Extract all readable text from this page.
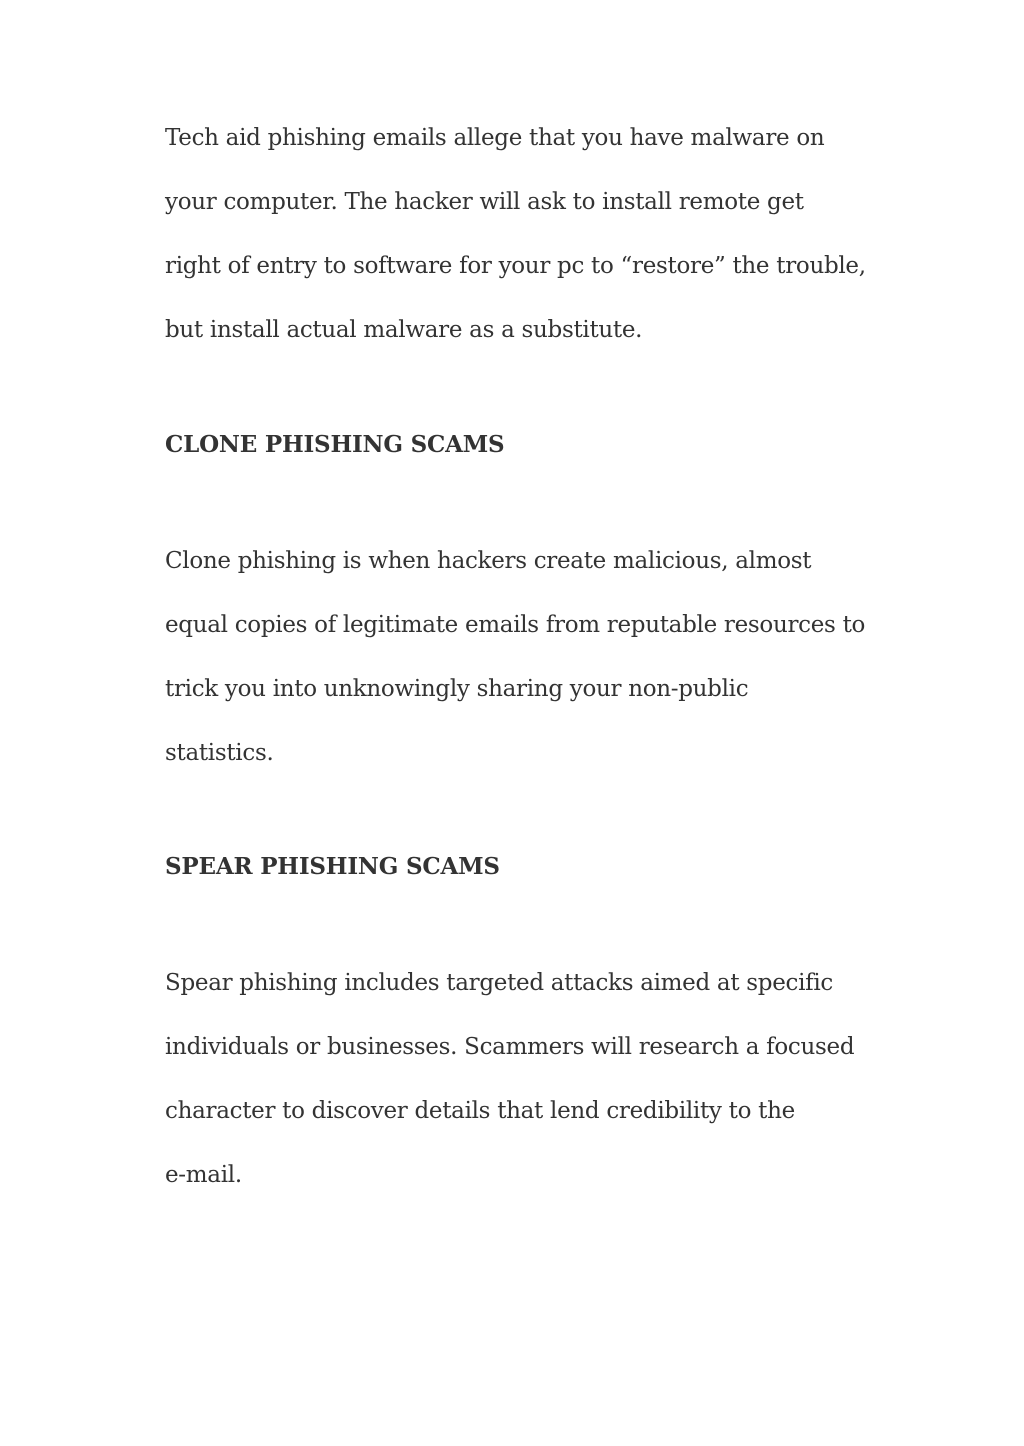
Tech aid phishing emails allege that you have malware on

your computer. The hacker will ask to install remote get

right of entry to software for your pc to “restore” the trouble,

but install actual malware as a substitute.

CLONE PHISHING SCAMS

Clone phishing is when hackers create malicious, almost

equal copies of legitimate emails from reputable resources to

trick you into unknowingly sharing your non-public

statistics.

SPEAR PHISHING SCAMS

Spear phishing includes targeted attacks aimed at specific

individuals or businesses. Scammers will research a focused

character to discover details that lend credibility to the

e-mail.
